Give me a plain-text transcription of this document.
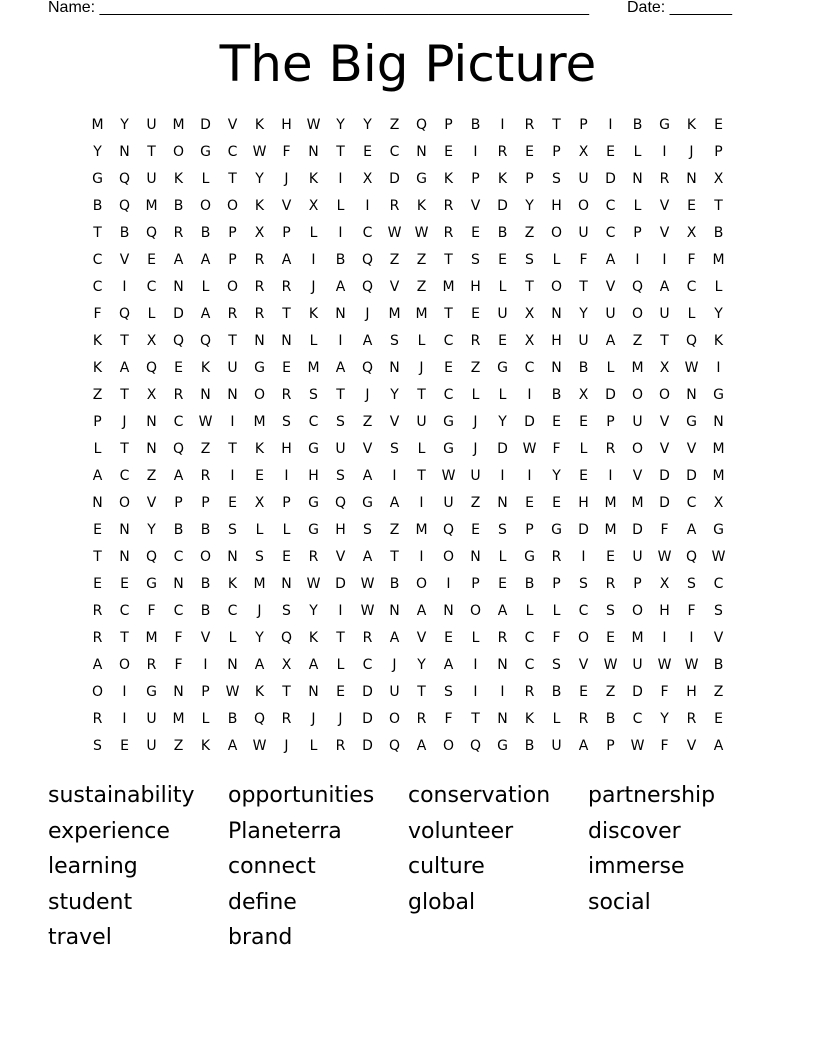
Name: _______________________________________________________ Date: _______
The Big Picture
M	Y	U	M	D	V	K	H	W	Y	Y	Z	Q	P	B	I	R	T	P	I	B	G	K	E
Y	N	T	O	G	C	W	F	N	T	E	C	N	E	I	R	E	P	X	E	L	I	J	P
G	Q	U	K	L	T	Y	J	K	I	X	D	G	K	P	K	P	S	U	D	N	R	N	X
B	Q	M	B	O	O	K	V	X	L	I	R	K	R	V	D	Y	H	O	C	L	V	E	T
T	B	Q	R	B	P	X	P	L	I	C	W W	R	E	B	Z	O	U	C	P	V	X	B
C	V	E	A	A	P	R	A	I	B	Q	Z	Z	T	S	E	S	L	F	A	I	I	F	M
C	I	C	N	L	O	R	R	J	A	Q	V	Z	M	H	L	T	O	T	V	Q	A	C	L
F	Q	L	D	A	R	R	T	K	N	J	M	M	T	E	U	X	N	Y	U	O	U	L	Y
K	T	X	Q	Q	T	N	N	L	I	A	S	L	C	R	E	X	H	U	A	Z	T	Q	K
K	A	Q	E	K	U	G	E	M	A	Q	N	J	E	Z	G	C	N	B	L	M	X	W	I
Z	T	X	R	N	N	O	R	S	T	J	Y	T	C	L	L	I	B	X	D	O	O	N	G
P	J	N	C	W	I	M	S	C	S	Z	V	U	G	J	Y	D	E	E	P	U	V	G	N
L	T	N	Q	Z	T	K	H	G	U	V	S	L	G	J	D	W	F	L	R	O	V	V	M
A	C	Z	A	R	I	E	I	H	S	A	I	T	W	U	I	I	Y	E	I	V	D	D	M
N	O	V	P	P	E	X	P	G	Q	G	A	I	U	Z	N	E	E	H	M	M	D	C	X
E	N	Y	B	B	S	L	L	G	H	S	Z	M	Q	E	S	P	G	D	M	D	F	A	G
T	N	Q	C	O	N	S	E	R	V	A	T	I	O	N	L	G	R	I	E	U	W	Q	W
E	E	G	N	B	K	M	N	W	D	W	B	O	I	P	E	B	P	S	R	P	X	S	C
R	C	F	C	B	C	J	S	Y	I	W	N	A	N	O	A	L	L	C	S	O	H	F	S
R	T	M	F	V	L	Y	Q	K	T	R	A	V	E	L	R	C	F	O	E	M	I	I	V
A	O	R	F	I	N	A	X	A	L	C	J	Y	A	I	N	C	S	V	W	U	W W	B
O	I	G	N	P	W	K	T	N	E	D	U	T	S	I	I	R	B	E	Z	D	F	H	Z
R	I	U	M	L	B	Q	R	J	J	D	O	R	F	T	N	K	L	R	B	C	Y	R	E
S	E	U	Z	K	A	W	J	L	R	D	Q	A	O	Q	G	B	U	A	P	W	F	V	A
sustainability	opportunities	conservation	partnership
experience	Planeterra	volunteer	discover
learning	connect	culture	immerse
student	define	global	social
travel	brand
